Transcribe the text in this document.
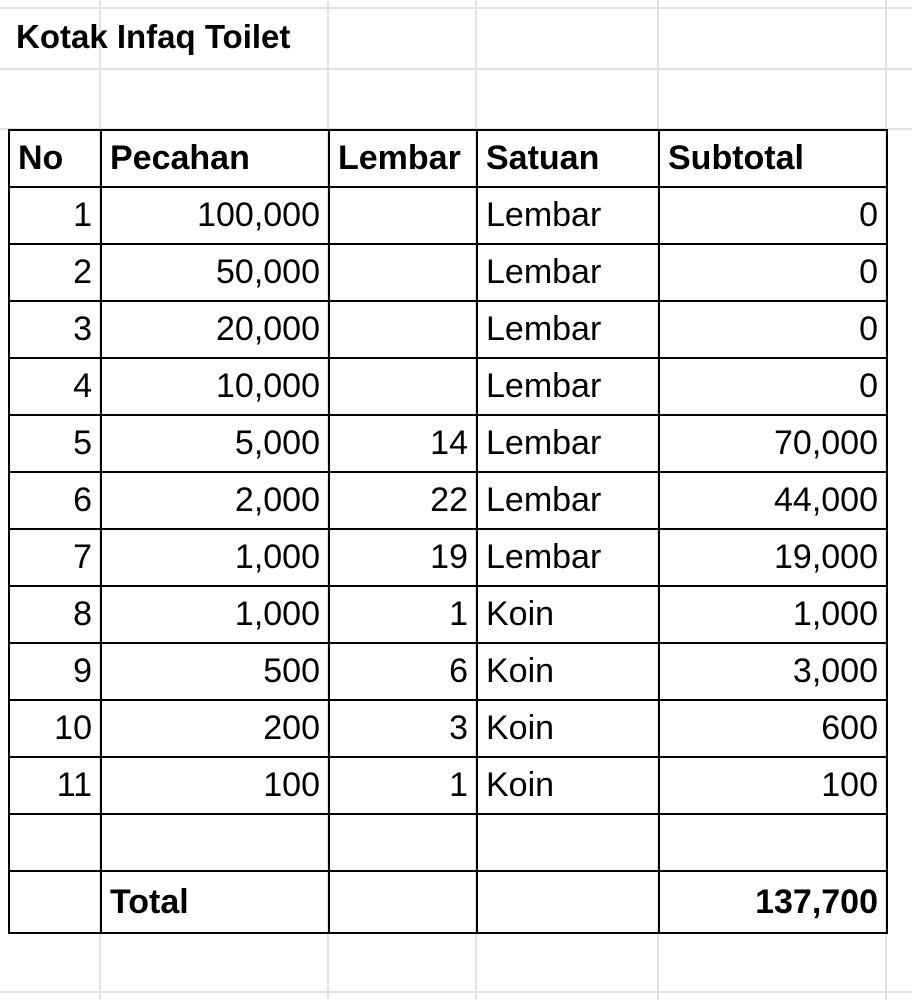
Kotak Infaq Toilet
No	Pecahan	Lembar	Satuan	Subtotal
1	100,000		Lembar	0
2	50,000		Lembar	0
3	20,000		Lembar	0
4	10,000		Lembar	0
5	5,000	14	Lembar	70,000
6	2,000	22	Lembar	44,000
7	1,000	19	Lembar	19,000
8	1,000	1	Koin	1,000
9	500	6	Koin	3,000
10	200	3	Koin	600
11	100	1	Koin	100

	Total			137,700
